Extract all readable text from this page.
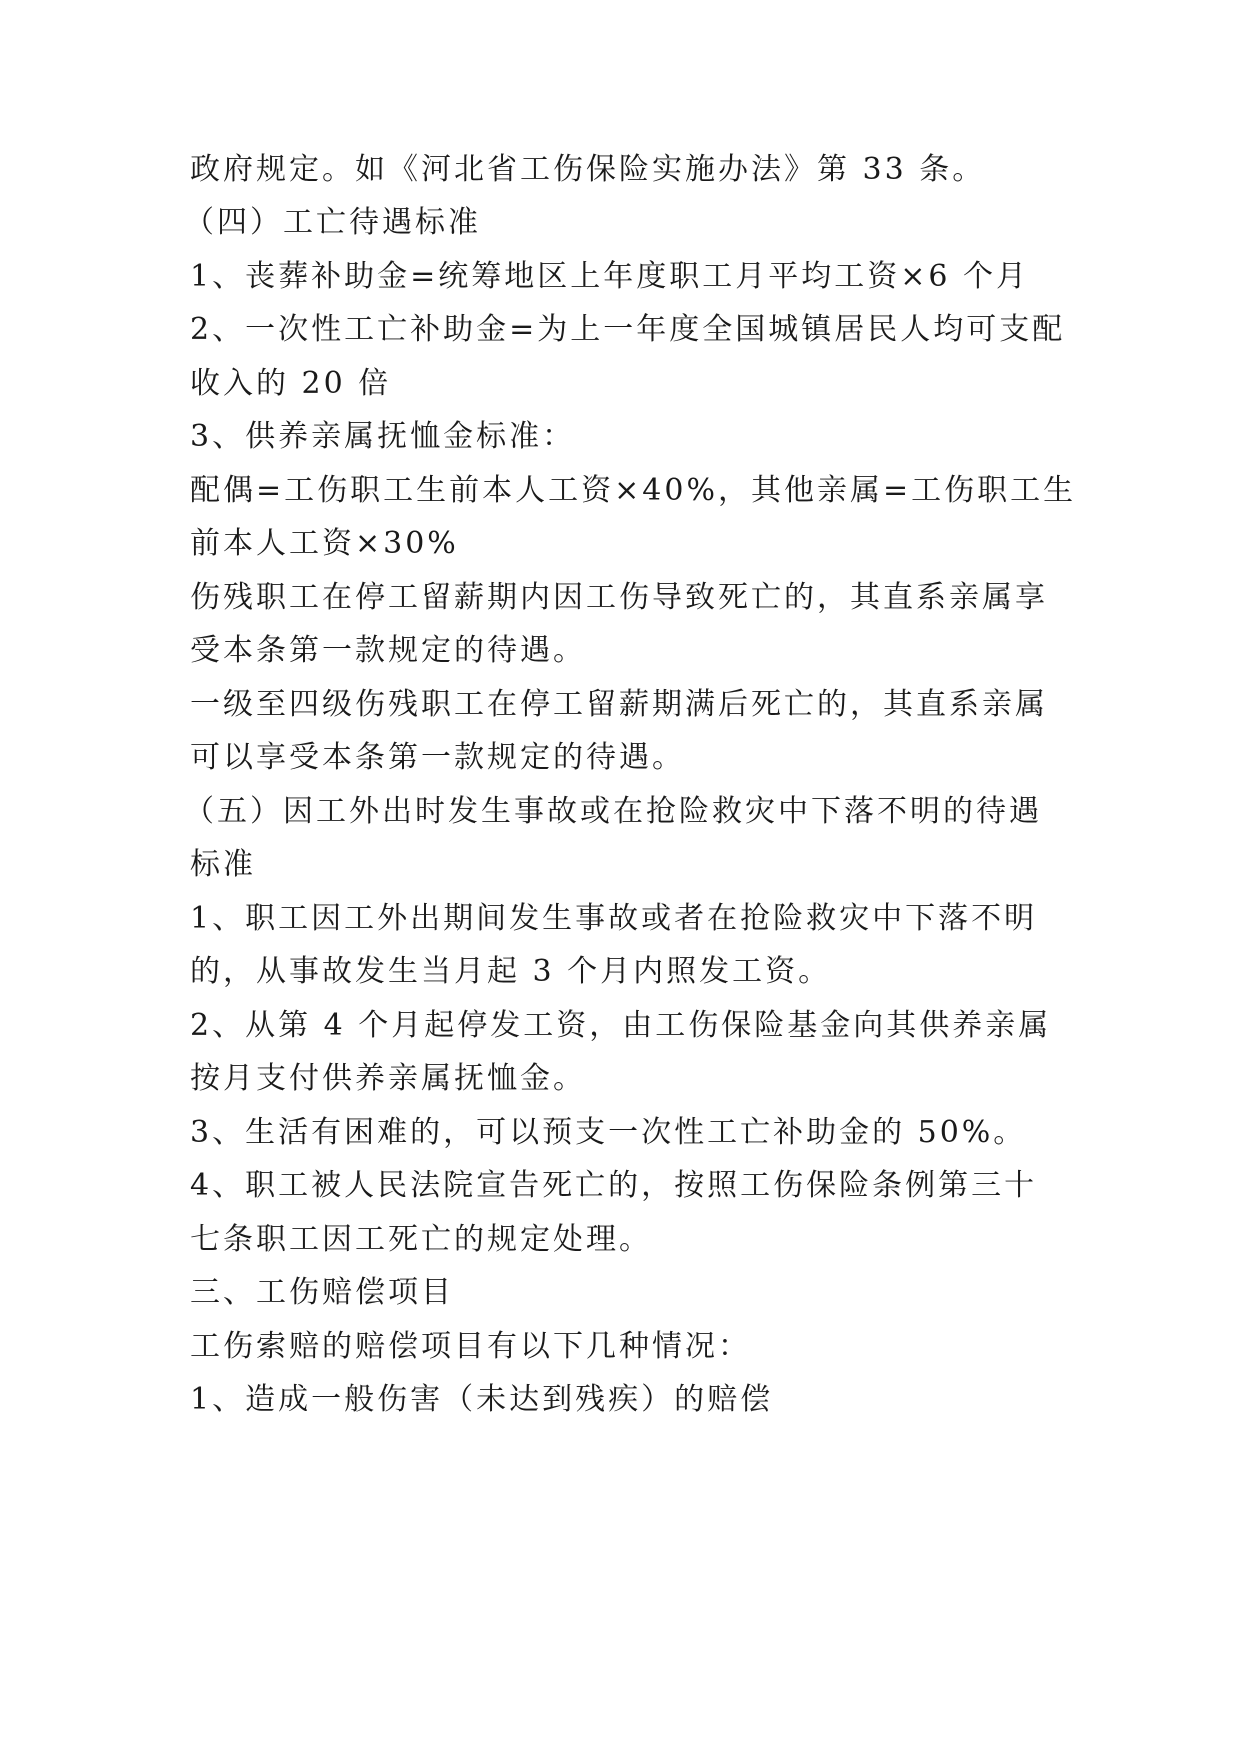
政府规定。如《河北省工伤保险实施办法》第 33 条。
（四）工亡待遇标准
1、丧葬补助金=统筹地区上年度职工月平均工资×6 个月
2、一次性工亡补助金=为上一年度全国城镇居民人均可支配
收入的 20 倍
3、供养亲属抚恤金标准：
配偶=工伤职工生前本人工资×40%，其他亲属=工伤职工生
前本人工资×30%
伤残职工在停工留薪期内因工伤导致死亡的，其直系亲属享
受本条第一款规定的待遇。
一级至四级伤残职工在停工留薪期满后死亡的，其直系亲属
可以享受本条第一款规定的待遇。
（五）因工外出时发生事故或在抢险救灾中下落不明的待遇
标准
1、职工因工外出期间发生事故或者在抢险救灾中下落不明
的，从事故发生当月起 3 个月内照发工资。
2、从第 4 个月起停发工资，由工伤保险基金向其供养亲属
按月支付供养亲属抚恤金。
3、生活有困难的，可以预支一次性工亡补助金的 50%。
4、职工被人民法院宣告死亡的，按照工伤保险条例第三十
七条职工因工死亡的规定处理。
三、工伤赔偿项目
工伤索赔的赔偿项目有以下几种情况：
1、造成一般伤害（未达到残疾）的赔偿
